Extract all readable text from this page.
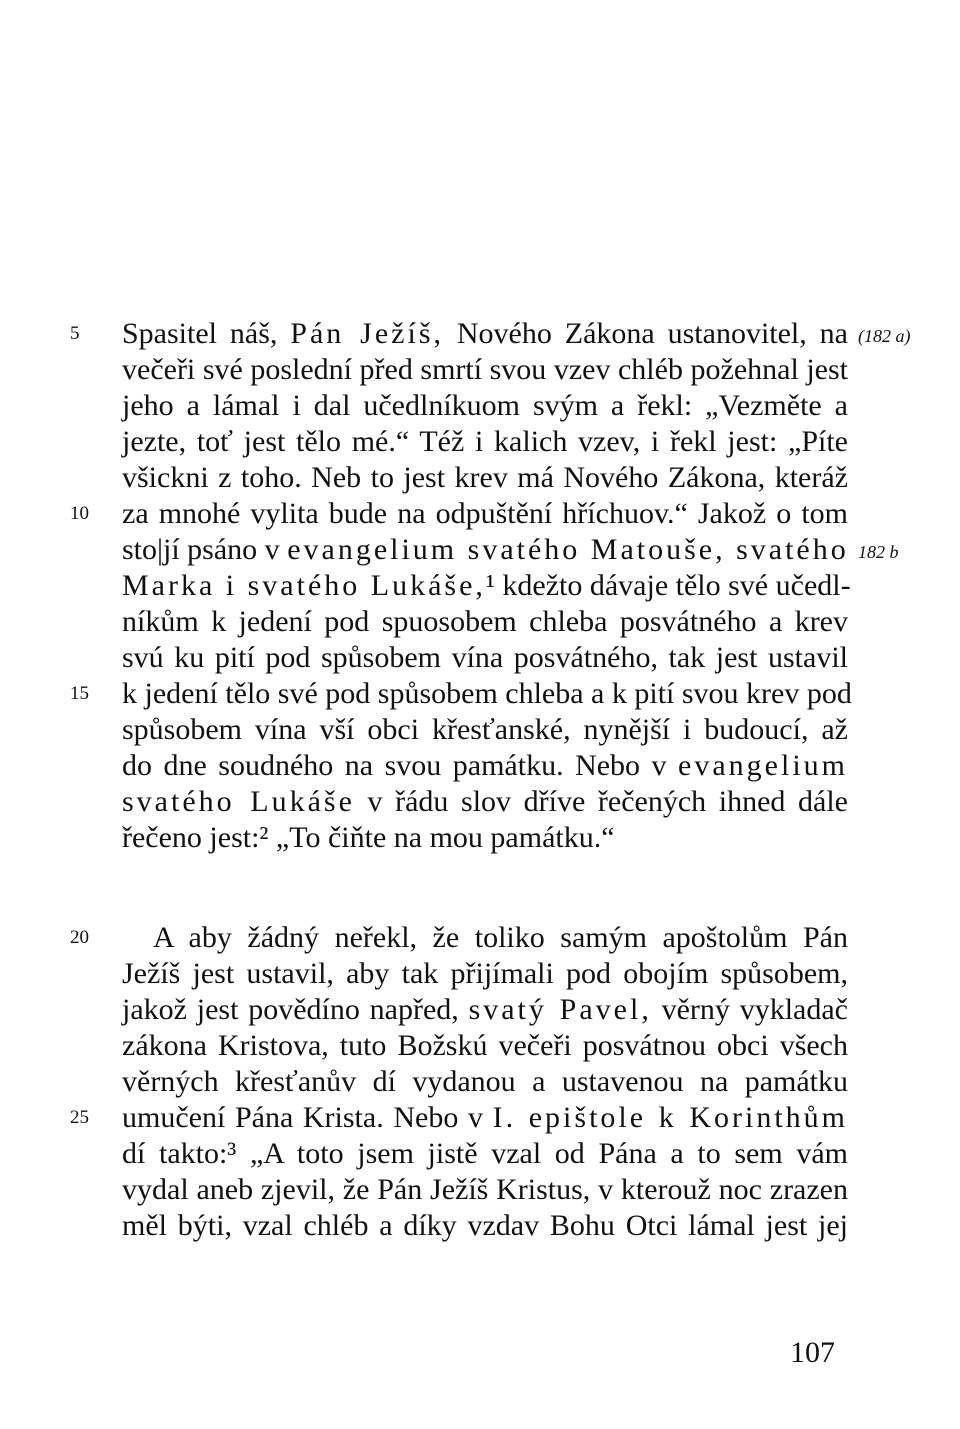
Spasitel náš, Pán Ježíš, Nového Zákona ustanovitel, na
večeři své poslední před smrtí svou vzev chléb požehnal jest
jeho a lámal i dal učedlníkuom svým a řekl: „Vezměte a
jezte, toť jest tělo mé.“ Též i kalich vzev, i řekl jest: „Píte
všickni z toho. Neb to jest krev má Nového Zákona, kteráž
za mnohé vylita bude na odpuštění hříchuov.“ Jakož o tom
sto|jí psáno v evangelium svatého Matouše, svatého
Marka i svatého Lukáše,¹ kdežto dávaje tělo své učedl-
níkům k jedení pod spuosobem chleba posvátného a krev
svú ku pití pod spůsobem vína posvátného, tak jest ustavil
k jedení tělo své pod spůsobem chleba a k pití svou krev pod
spůsobem vína vší obci křesťanské, nynější i budoucí, až
do dne soudného na svou památku. Nebo v evangelium
svatého Lukáše v řádu slov dříve řečených ihned dále
řečeno jest:² „To čiňte na mou památku.“
A aby žádný neřekl, že toliko samým apoštolům Pán
Ježíš jest ustavil, aby tak přijímali pod obojím spůsobem,
jakož jest povědíno napřed, svatý Pavel, věrný vykladač
zákona Kristova, tuto Božskú večeři posvátnou obci všech
věrných křesťanův dí vydanou a ustavenou na památku
umučení Pána Krista. Nebo v I. epištole k Korinthům
dí takto:³ „A toto jsem jistě vzal od Pána a to sem vám
vydal aneb zjevil, že Pán Ježíš Kristus, v kterouž noc zrazen
měl býti, vzal chléb a díky vzdav Bohu Otci lámal jest jej
5
10
15
20
25
(182 a)
182 b
107
